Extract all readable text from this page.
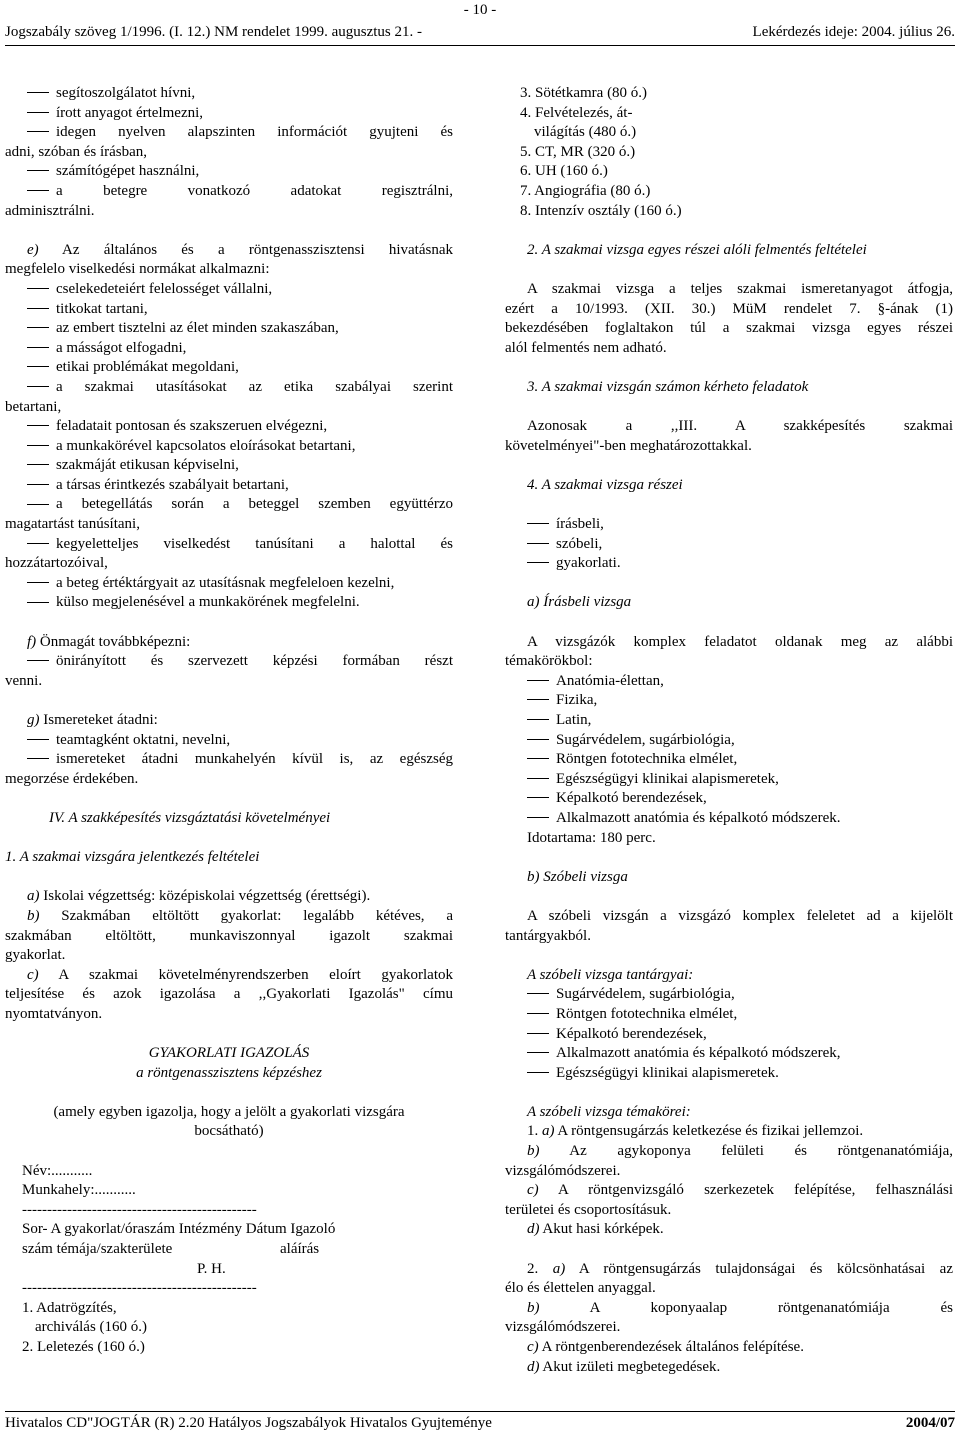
- 10 -
Jogszabály szöveg 1/1996. (I. 12.) NM rendelet 1999. augusztus 21. -	Lekérdezés ideje: 2004. július 26.
segítoszolgálatot hívni,
írott anyagot értelmezni,
idegen nyelven alapszinten információt gyujteni és
adni, szóban és írásban,
számítógépet használni,
a betegre vonatkozó adatokat regisztrálni,
adminisztrálni.
e) Az általános és a röntgenasszisztensi hivatásnak
megfelelo viselkedési normákat alkalmazni:
cselekedeteiért felelosséget vállalni,
titkokat tartani,
az embert tisztelni az élet minden szakaszában,
a másságot elfogadni,
etikai problémákat megoldani,
a szakmai utasításokat az etika szabályai szerint
betartani,
feladatait pontosan és szakszeruen elvégezni,
a munkakörével kapcsolatos eloírásokat betartani,
szakmáját etikusan képviselni,
a társas érintkezés szabályait betartani,
a betegellátás során a beteggel szemben együttérzo
magatartást tanúsítani,
kegyeletteljes viselkedést tanúsítani a halottal és
hozzátartozóival,
a beteg értéktárgyait az utasításnak megfeleloen kezelni,
külso megjelenésével a munkakörének megfelelni.
f) Önmagát továbbképezni:
önirányított és szervezett képzési formában részt
venni.
g) Ismereteket átadni:
teamtagként oktatni, nevelni,
ismereteket átadni munkahelyén kívül is, az egészség
megorzése érdekében.
IV. A szakképesítés vizsgáztatási követelményei
1. A szakmai vizsgára jelentkezés feltételei
a) Iskolai végzettség: középiskolai végzettség (érettségi).
b) Szakmában eltöltött gyakorlat: legalább kétéves, a
szakmában eltöltött, munkaviszonnyal igazolt szakmai
gyakorlat.
c) A szakmai követelményrendszerben eloírt gyakorlatok
teljesítése és azok igazolása a ,,Gyakorlati Igazolás" címu
nyomtatványon.
GYAKORLATI IGAZOLÁS
a röntgenasszisztens képzéshez
(amely egyben igazolja, hogy a jelölt a gyakorlati vizsgára
bocsátható)
Név:...........
Munkahely:...........
-----------------------------------------------
Sor- A gyakorlat/óraszám Intézmény Dátum Igazoló
szám témája/szakterülete	aláírás
P. H.
-----------------------------------------------
1. Adatrögzítés,
archiválás (160 ó.)
2. Leletezés (160 ó.)
3. Sötétkamra (80 ó.)
4. Felvételezés, át-
világítás (480 ó.)
5. CT, MR (320 ó.)
6. UH (160 ó.)
7. Angiográfia (80 ó.)
8. Intenzív osztály (160 ó.)
2. A szakmai vizsga egyes részei alóli felmentés feltételei
A szakmai vizsga a teljes szakmai ismeretanyagot átfogja,
ezért a 10/1993. (XII. 30.) MüM rendelet 7. §-ának (1)
bekezdésében foglaltakon túl a szakmai vizsga egyes részei
alól felmentés nem adható.
3. A szakmai vizsgán számon kérheto feladatok
Azonosak a ,,III. A szakképesítés szakmai
követelményei"-ben meghatározottakkal.
4. A szakmai vizsga részei
írásbeli,
szóbeli,
gyakorlati.
a) Írásbeli vizsga
A vizsgázók komplex feladatot oldanak meg az alábbi
témakörökbol:
Anatómia-élettan,
Fizika,
Latin,
Sugárvédelem, sugárbiológia,
Röntgen fototechnika elmélet,
Egészségügyi klinikai alapismeretek,
Képalkotó berendezések,
Alkalmazott anatómia és képalkotó módszerek.
Idotartama: 180 perc.
b) Szóbeli vizsga
A szóbeli vizsgán a vizsgázó komplex feleletet ad a kijelölt
tantárgyakból.
A szóbeli vizsga tantárgyai:
Sugárvédelem, sugárbiológia,
Röntgen fototechnika elmélet,
Képalkotó berendezések,
Alkalmazott anatómia és képalkotó módszerek,
Egészségügyi klinikai alapismeretek.
A szóbeli vizsga témakörei:
1. a) A röntgensugárzás keletkezése és fizikai jellemzoi.
b) Az agykoponya felületi és röntgenanatómiája,
vizsgálómódszerei.
c) A röntgenvizsgáló szerkezetek felépítése, felhasználási
területei és csoportosításuk.
d) Akut hasi kórképek.
2. a) A röntgensugárzás tulajdonságai és kölcsönhatásai az
élo és élettelen anyaggal.
b) A koponyaalap röntgenanatómiája és
vizsgálómódszerei.
c) A röntgenberendezések általános felépítése.
d) Akut izületi megbetegedések.
Hivatalos CD"JOGTÁR (R) 2.20 Hatályos Jogszabályok Hivatalos Gyujteménye	2004/07
